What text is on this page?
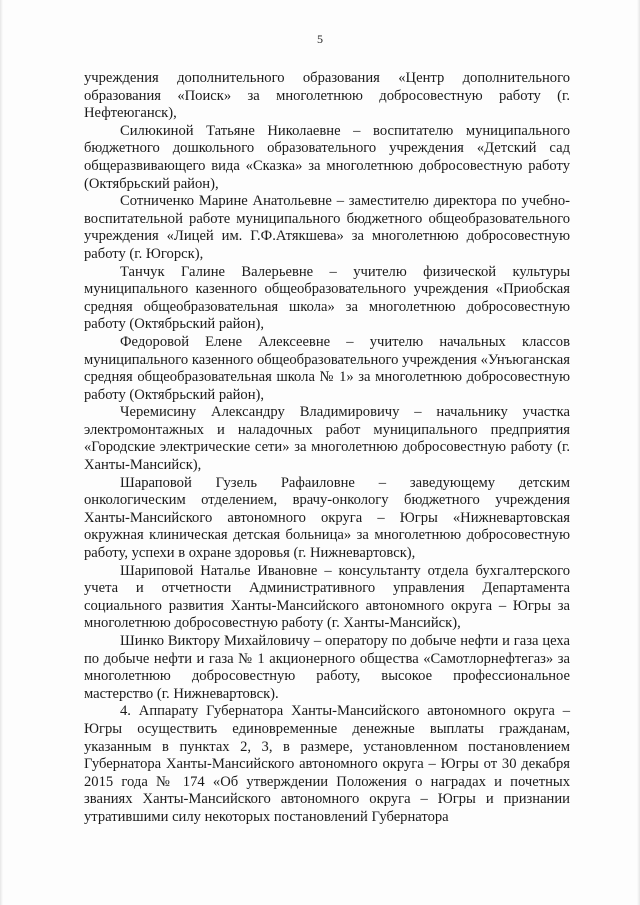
5

учреждения дополнительного образования «Центр дополнительного образования «Поиск» за многолетнюю добросовестную работу (г. Нефтеюганск),

Силюкиной Татьяне Николаевне – воспитателю муниципального бюджетного дошкольного образовательного учреждения «Детский сад общеразвивающего вида «Сказка» за многолетнюю добросовестную работу (Октябрьский район),

Сотниченко Марине Анатольевне – заместителю директора по учебно-воспитательной работе муниципального бюджетного общеобразовательного учреждения «Лицей им. Г.Ф.Атякшева» за многолетнюю добросовестную работу (г. Югорск),

Танчук Галине Валерьевне – учителю физической культуры муниципального казенного общеобразовательного учреждения «Приобская средняя общеобразовательная школа» за многолетнюю добросовестную работу (Октябрьский район),

Федоровой Елене Алексеевне – учителю начальных классов муниципального казенного общеобразовательного учреждения «Унъюганская средняя общеобразовательная школа № 1» за многолетнюю добросовестную работу (Октябрьский район),

Черемисину Александру Владимировичу – начальнику участка электромонтажных и наладочных работ муниципального предприятия «Городские электрические сети» за многолетнюю добросовестную работу (г. Ханты-Мансийск),

Шараповой Гузель Рафаиловне – заведующему детским онкологическим отделением, врачу-онкологу бюджетного учреждения Ханты-Мансийского автономного округа – Югры «Нижневартовская окружная клиническая детская больница» за многолетнюю добросовестную работу, успехи в охране здоровья (г. Нижневартовск),

Шариповой Наталье Ивановне – консультанту отдела бухгалтерского учета и отчетности Административного управления Департамента социального развития Ханты-Мансийского автономного округа – Югры за многолетнюю добросовестную работу (г. Ханты-Мансийск),

Шинко Виктору Михайловичу – оператору по добыче нефти и газа цеха по добыче нефти и газа № 1 акционерного общества «Самотлорнефтегаз» за многолетнюю добросовестную работу, высокое профессиональное мастерство (г. Нижневартовск).

4. Аппарату Губернатора Ханты-Мансийского автономного округа – Югры осуществить единовременные денежные выплаты гражданам, указанным в пунктах 2, 3, в размере, установленном постановлением Губернатора Ханты-Мансийского автономного округа – Югры от 30 декабря 2015 года № 174 «Об утверждении Положения о наградах и почетных званиях Ханты-Мансийского автономного округа – Югры и признании утратившими силу некоторых постановлений Губернатора
